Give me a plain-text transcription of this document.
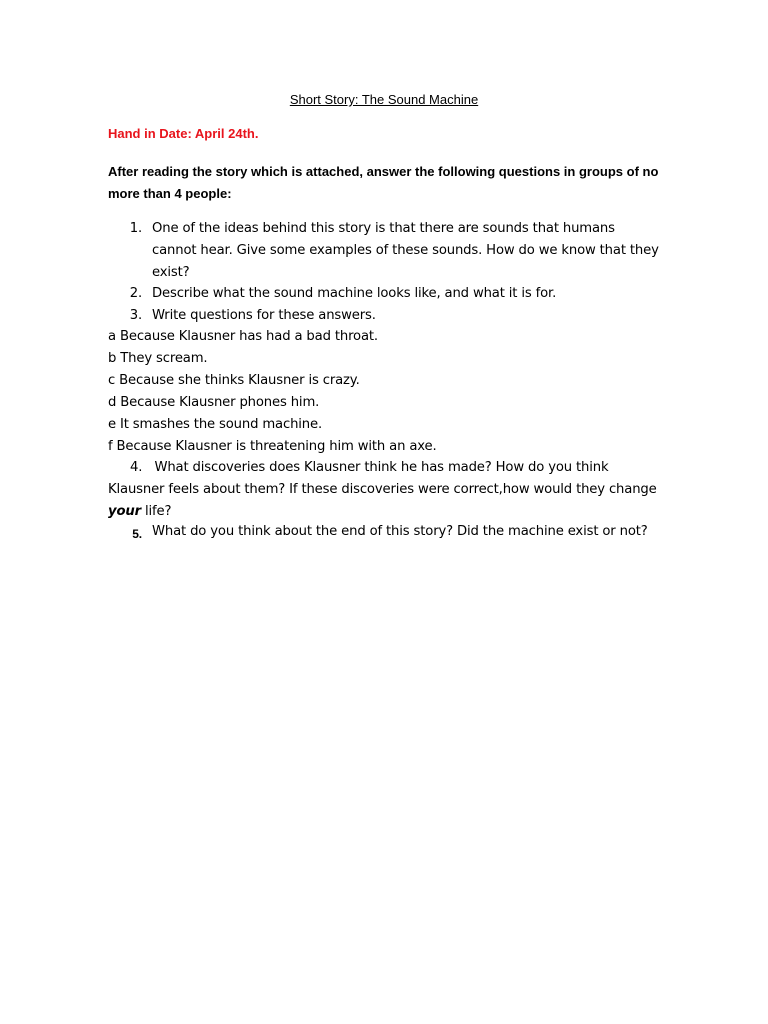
Short Story: The Sound Machine
Hand in Date: April 24th.
After reading the story which is attached, answer the following questions in groups of no more than 4 people:
1. One of the ideas behind this story is that there are sounds that humans cannot hear. Give some examples of these sounds. How do we know that they exist?
2. Describe what the sound machine looks like, and what it is for.
3. Write questions for these answers.
a Because Klausner has had a bad throat.
b They scream.
c Because she thinks Klausner is crazy.
d Because Klausner phones him.
e It smashes the sound machine.
f Because Klausner is threatening him with an axe.
4. What discoveries does Klausner think he has made? How do you think Klausner feels about them? If these discoveries were correct,how would they change your life?
5. What do you think about the end of this story? Did the machine exist or not?
